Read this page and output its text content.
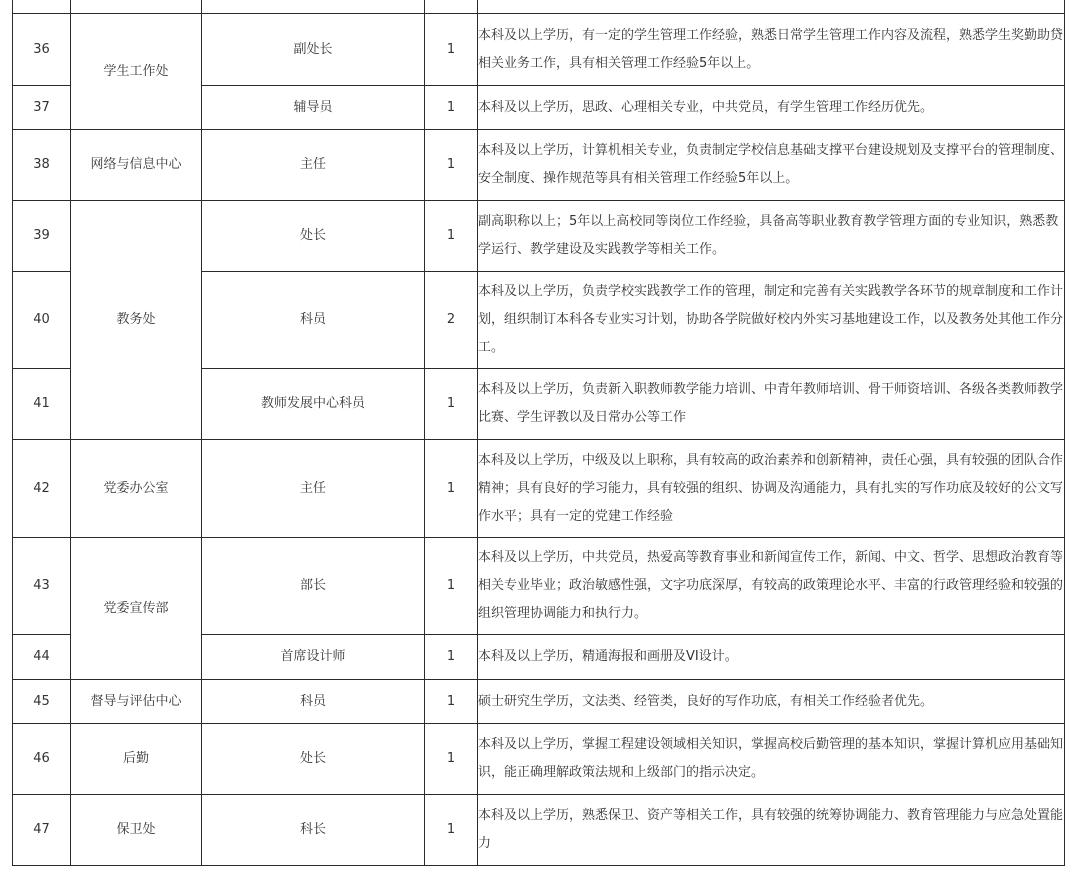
36	学生工作处	副处长	1	本科及以上学历，有一定的学生管理工作经验，熟悉日常学生管理工作内容及流程，熟悉学生奖勤助贷相关业务工作，具有相关管理工作经验5年以上。
37		辅导员	1	本科及以上学历，思政、心理相关专业，中共党员，有学生管理工作经历优先。
38	网络与信息中心	主任	1	本科及以上学历，计算机相关专业，负责制定学校信息基础支撑平台建设规划及支撑平台的管理制度、安全制度、操作规范等具有相关管理工作经验5年以上。
39	教务处	处长	1	副高职称以上；5年以上高校同等岗位工作经验，具备高等职业教育教学管理方面的专业知识，熟悉教学运行、教学建设及实践教学等相关工作。
40		科员	2	本科及以上学历，负责学校实践教学工作的管理，制定和完善有关实践教学各环节的规章制度和工作计划，组织制订本科各专业实习计划，协助各学院做好校内外实习基地建设工作，以及教务处其他工作分工。
41		教师发展中心科员	1	本科及以上学历，负责新入职教师教学能力培训、中青年教师培训、骨干师资培训、各级各类教师教学比赛、学生评教以及日常办公等工作
42	党委办公室	主任	1	本科及以上学历，中级及以上职称，具有较高的政治素养和创新精神，责任心强，具有较强的团队合作精神；具有良好的学习能力，具有较强的组织、协调及沟通能力，具有扎实的写作功底及较好的公文写作水平；具有一定的党建工作经验
43	党委宣传部	部长	1	本科及以上学历，中共党员，热爱高等教育事业和新闻宣传工作，新闻、中文、哲学、思想政治教育等相关专业毕业；政治敏感性强，文字功底深厚，有较高的政策理论水平、丰富的行政管理经验和较强的组织管理协调能力和执行力。
44		首席设计师	1	本科及以上学历，精通海报和画册及VI设计。
45	督导与评估中心	科员	1	硕士研究生学历，文法类、经管类，良好的写作功底，有相关工作经验者优先。
46	后勤	处长	1	本科及以上学历，掌握工程建设领域相关知识，掌握高校后勤管理的基本知识，掌握计算机应用基础知识，能正确理解政策法规和上级部门的指示决定。
47	保卫处	科长	1	本科及以上学历，熟悉保卫、资产等相关工作，具有较强的统筹协调能力、教育管理能力与应急处置能力
